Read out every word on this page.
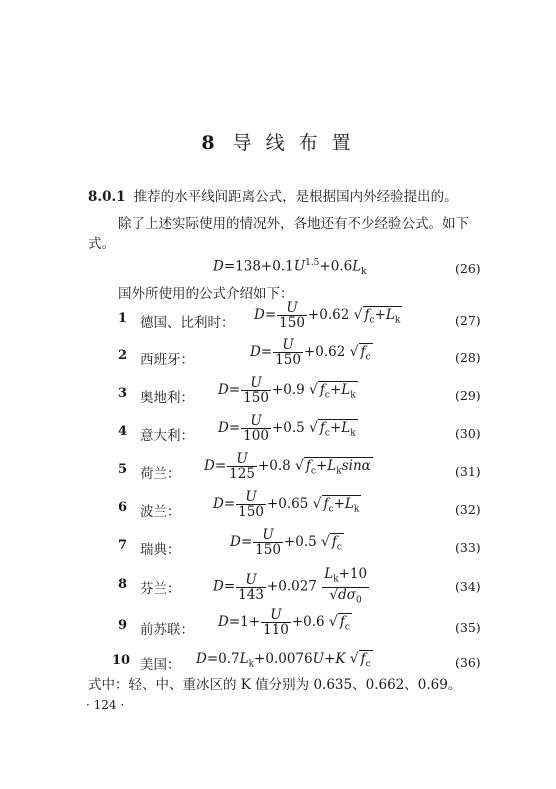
8 导 线 布 置
8.0.1 推荐的水平线间距离公式，是根据国内外经验提出的。
除了上述实际使用的情况外，各地还有不少经验公式。如下
式。
$D=138+0.1U^{1.5}+0.6L_k$	(26)
国外所使用的公式介绍如下：
1 德国、比利时： $D= \frac{U}{150} +0.62$ √ $f_c+L_k$	(27)
2 西班牙：	$D= \frac{U}{150} +0.62$ √ $f_c$	(28)
3 奥地利： $D= \frac{U}{150} +0.9$ √ $f_c+L_k$	(29)
4 意大利： $D= \frac{U}{100} +0.5$ √ $f_c+L_k$	(30)
5 荷兰： $D= \frac{U}{125} +0.8$ √ $f_c+L_k\sin\alpha$	(31)
6 波兰： $D= \frac{U}{150} +0.65$ √ $f_c+L_k$	(32)
7 瑞典：	$D= \frac{U}{150} +0.5$ √ $f_c$	(33)
8 芬兰： $D= \frac{U}{143} +0.027 \frac{L_k+10}{√d\sigma_0}$	(34)
9 前苏联： $D=1+ \frac{U}{110} +0.6$ √ $f_c$	(35)
10 美国： $D=0.7L_k+0.0076U+K$ √ $f_c$	(36)
式中：轻、中、重冰区的 K 值分别为 0.635、0.662、0.69。
· 124 ·
